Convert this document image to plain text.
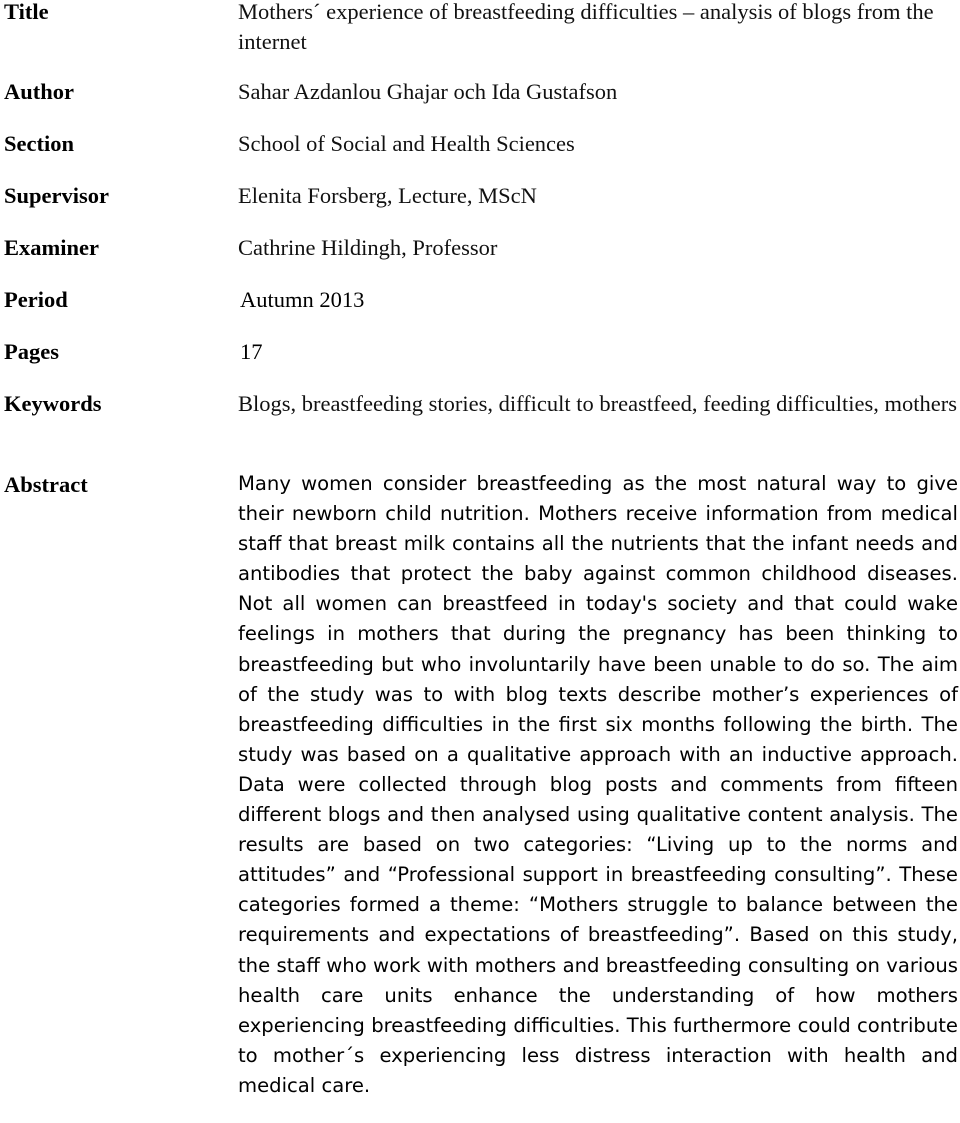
Title	Mothers´ experience of breastfeeding difficulties – analysis of blogs from the internet
Author	Sahar Azdanlou Ghajar och Ida Gustafson
Section	School of Social and Health Sciences
Supervisor	Elenita Forsberg, Lecture, MScN
Examiner	Cathrine Hildingh, Professor
Period	Autumn 2013
Pages	17
Keywords	Blogs, breastfeeding stories, difficult to breastfeed, feeding difficulties, mothers
Abstract	Many women consider breastfeeding as the most natural way to give their newborn child nutrition. Mothers receive information from medical staff that breast milk contains all the nutrients that the infant needs and antibodies that protect the baby against common childhood diseases. Not all women can breastfeed in today's society and that could wake feelings in mothers that during the pregnancy has been thinking to breastfeeding but who involuntarily have been unable to do so. The aim of the study was to with blog texts describe mother’s experiences of breastfeeding difficulties in the first six months following the birth. The study was based on a qualitative approach with an inductive approach. Data were collected through blog posts and comments from fifteen different blogs and then analysed using qualitative content analysis. The results are based on two categories: “Living up to the norms and attitudes” and “Professional support in breastfeeding consulting”. These categories formed a theme: “Mothers struggle to balance between the requirements and expectations of breastfeeding”. Based on this study, the staff who work with mothers and breastfeeding consulting on various health care units enhance the understanding of how mothers experiencing breastfeeding difficulties. This furthermore could contribute to mother´s experiencing less distress interaction with health and medical care.
